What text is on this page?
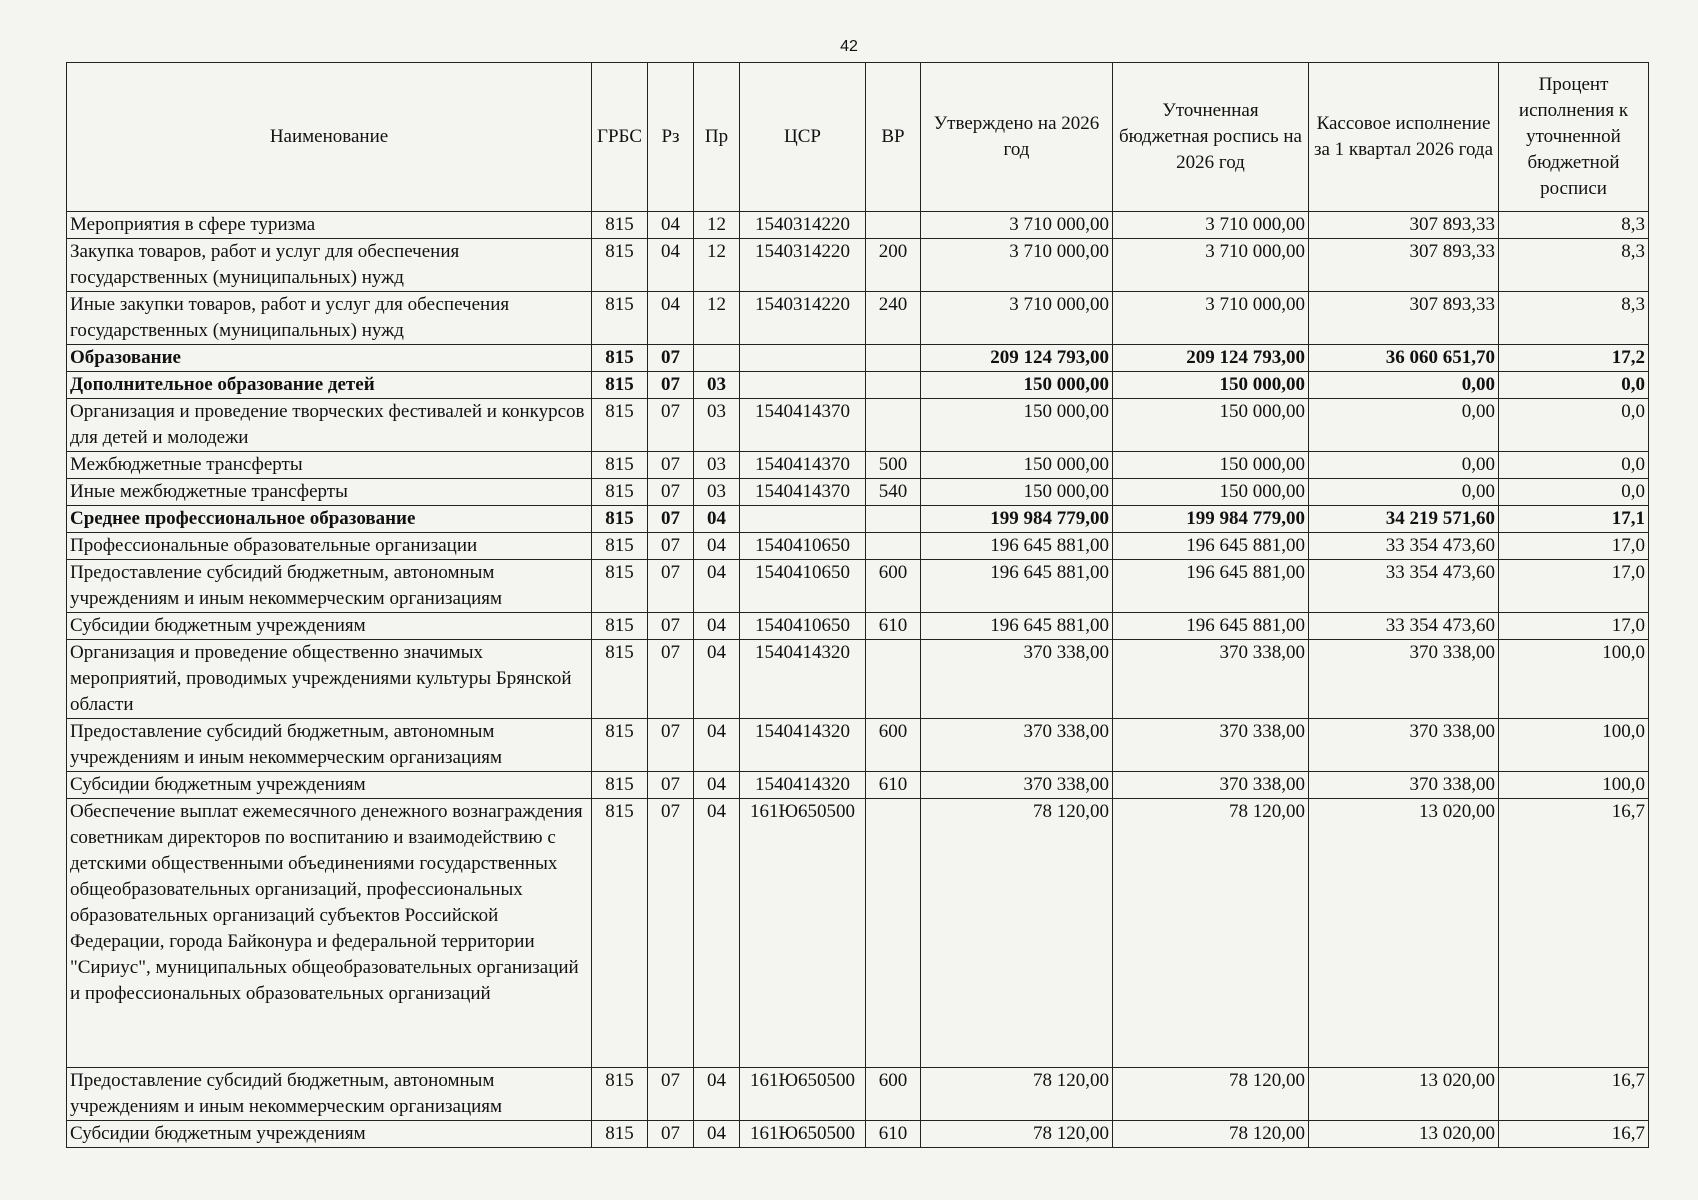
42
Наименование	ГРБС	Рз	Пр	ЦСР	ВР	Утверждено на 2026 год	Уточненная бюджетная роспись на 2026 год	Кассовое исполнение за 1 квартал 2026 года	Процент исполнения к уточненной бюджетной росписи
Мероприятия в сфере туризма	815	04	12	1540314220		3 710 000,00	3 710 000,00	307 893,33	8,3
Закупка товаров, работ и услуг для обеспечения государственных (муниципальных) нужд	815	04	12	1540314220	200	3 710 000,00	3 710 000,00	307 893,33	8,3
Иные закупки товаров, работ и услуг для обеспечения государственных (муниципальных) нужд	815	04	12	1540314220	240	3 710 000,00	3 710 000,00	307 893,33	8,3
Образование	815	07				209 124 793,00	209 124 793,00	36 060 651,70	17,2
Дополнительное образование детей	815	07	03			150 000,00	150 000,00	0,00	0,0
Организация и проведение творческих фестивалей и конкурсов для детей и молодежи	815	07	03	1540414370		150 000,00	150 000,00	0,00	0,0
Межбюджетные трансферты	815	07	03	1540414370	500	150 000,00	150 000,00	0,00	0,0
Иные межбюджетные трансферты	815	07	03	1540414370	540	150 000,00	150 000,00	0,00	0,0
Среднее профессиональное образование	815	07	04			199 984 779,00	199 984 779,00	34 219 571,60	17,1
Профессиональные образовательные организации	815	07	04	1540410650		196 645 881,00	196 645 881,00	33 354 473,60	17,0
Предоставление субсидий бюджетным, автономным учреждениям и иным некоммерческим организациям	815	07	04	1540410650	600	196 645 881,00	196 645 881,00	33 354 473,60	17,0
Субсидии бюджетным учреждениям	815	07	04	1540410650	610	196 645 881,00	196 645 881,00	33 354 473,60	17,0
Организация и проведение общественно значимых мероприятий, проводимых учреждениями культуры Брянской области	815	07	04	1540414320		370 338,00	370 338,00	370 338,00	100,0
Предоставление субсидий бюджетным, автономным учреждениям и иным некоммерческим организациям	815	07	04	1540414320	600	370 338,00	370 338,00	370 338,00	100,0
Субсидии бюджетным учреждениям	815	07	04	1540414320	610	370 338,00	370 338,00	370 338,00	100,0
Обеспечение выплат ежемесячного денежного вознаграждения советникам директоров по воспитанию и взаимодействию с детскими общественными объединениями государственных общеобразовательных организаций, профессиональных образовательных организаций субъектов Российской Федерации, города Байконура и федеральной территории "Сириус", муниципальных общеобразовательных организаций и профессиональных образовательных организаций	815	07	04	161Ю650500		78 120,00	78 120,00	13 020,00	16,7
Предоставление субсидий бюджетным, автономным учреждениям и иным некоммерческим организациям	815	07	04	161Ю650500	600	78 120,00	78 120,00	13 020,00	16,7
Субсидии бюджетным учреждениям	815	07	04	161Ю650500	610	78 120,00	78 120,00	13 020,00	16,7
